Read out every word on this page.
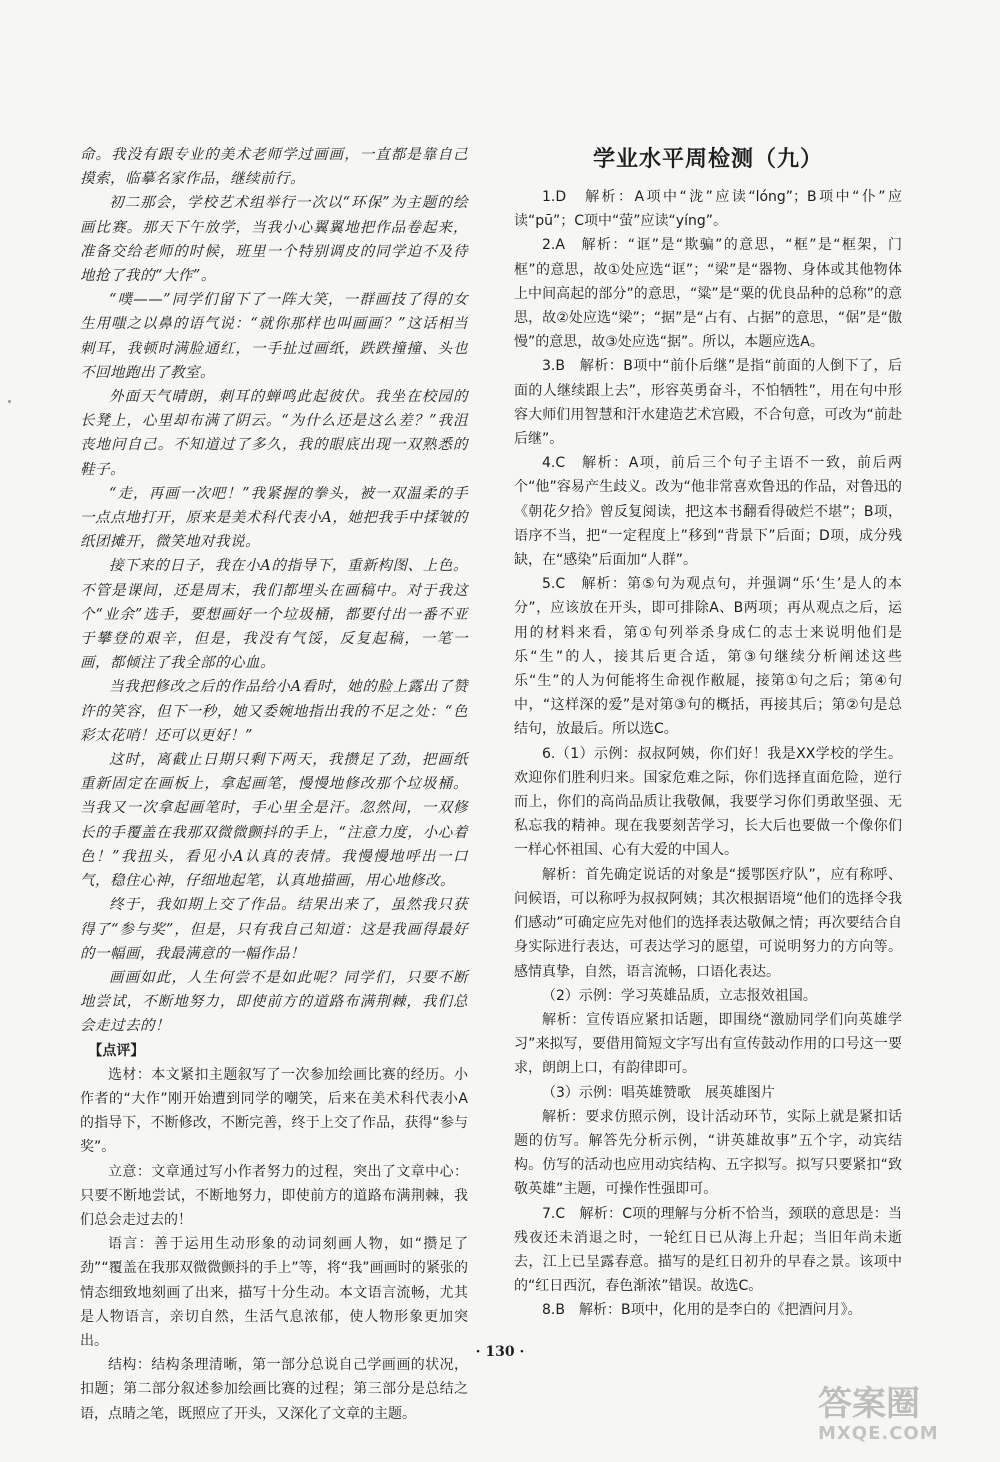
命。我没有跟专业的美术老师学过画画，一直都是靠自己摸索，临摹名家作品，继续前行。

初二那会，学校艺术组举行一次以“环保”为主题的绘画比赛。那天下午放学，当我小心翼翼地把作品卷起来，准备交给老师的时候，班里一个特别调皮的同学迫不及待地抢了我的“大作”。

“噗——”同学们留下了一阵大笑，一群画技了得的女生用嗤之以鼻的语气说：“就你那样也叫画画？”这话相当刺耳，我顿时满脸通红，一手扯过画纸，跌跌撞撞、头也不回地跑出了教室。

外面天气晴朗，刺耳的蝉鸣此起彼伏。我坐在校园的长凳上，心里却布满了阴云。“为什么还是这么差？”我沮丧地问自己。不知道过了多久，我的眼底出现一双熟悉的鞋子。

“走，再画一次吧！”我紧握的拳头，被一双温柔的手一点点地打开，原来是美术科代表小A，她把我手中揉皱的纸团摊开，微笑地对我说。

接下来的日子，我在小A的指导下，重新构图、上色。不管是课间，还是周末，我们都埋头在画稿中。对于我这个“业余”选手，要想画好一个垃圾桶，都要付出一番不亚于攀登的艰辛，但是，我没有气馁，反复起稿，一笔一画，都倾注了我全部的心血。

当我把修改之后的作品给小A看时，她的脸上露出了赞许的笑容，但下一秒，她又委婉地指出我的不足之处：“色彩太花哨！还可以更好！”

这时，离截止日期只剩下两天，我攒足了劲，把画纸重新固定在画板上，拿起画笔，慢慢地修改那个垃圾桶。当我又一次拿起画笔时，手心里全是汗。忽然间，一双修长的手覆盖在我那双微微颤抖的手上，“注意力度，小心着色！”我扭头，看见小A认真的表情。我慢慢地呼出一口气，稳住心神，仔细地起笔，认真地描画，用心地修改。

终于，我如期上交了作品。结果出来了，虽然我只获得了“参与奖”，但是，只有我自己知道：这是我画得最好的一幅画，我最满意的一幅作品！

画画如此，人生何尝不是如此呢？同学们，只要不断地尝试，不断地努力，即使前方的道路布满荆棘，我们总会走过去的！

【点评】

选材：本文紧扣主题叙写了一次参加绘画比赛的经历。小作者的“大作”刚开始遭到同学的嘲笑，后来在美术科代表小A的指导下，不断修改，不断完善，终于上交了作品，获得“参与奖”。

立意：文章通过写小作者努力的过程，突出了文章中心：只要不断地尝试，不断地努力，即使前方的道路布满荆棘，我们总会走过去的！

语言：善于运用生动形象的动词刻画人物，如“攒足了劲”“覆盖在我那双微微颤抖的手上”等，将“我”画画时的紧张的情态细致地刻画了出来，描写十分生动。本文语言流畅，尤其是人物语言，亲切自然，生活气息浓郁，使人物形象更加突出。

结构：结构条理清晰，第一部分总说自己学画画的状况，扣题；第二部分叙述参加绘画比赛的过程；第三部分是总结之语，点睛之笔，既照应了开头，又深化了文章的主题。

学业水平周检测（九）

1.D　解析：A项中“泷”应读“lóng”；B项中“仆”应读“pū”；C项中“萤”应读“yíng”。

2.A　解析：“诓”是“欺骗”的意思，“框”是“框架，门框”的意思，故①处应选“诓”；“梁”是“器物、身体或其他物体上中间高起的部分”的意思，“粱”是“粟的优良品种的总称”的意思，故②处应选“梁”；“据”是“占有、占据”的意思，“倨”是“傲慢”的意思，故③处应选“据”。所以，本题应选A。

3.B　解析：B项中“前仆后继”是指“前面的人倒下了，后面的人继续跟上去”，形容英勇奋斗，不怕牺牲”，用在句中形容大师们用智慧和汗水建造艺术宫殿，不合句意，可改为“前赴后继”。

4.C　解析：A项，前后三个句子主语不一致，前后两个“他”容易产生歧义。改为“他非常喜欢鲁迅的作品，对鲁迅的《朝花夕拾》曾反复阅读，把这本书翻看得破烂不堪”；B项，语序不当，把“一定程度上”移到“背景下”后面；D项，成分残缺，在“感染”后面加“人群”。

5.C　解析：第⑤句为观点句，并强调“乐‘生’是人的本分”，应该放在开头，即可排除A、B两项；再从观点之后，运用的材料来看，第①句列举杀身成仁的志士来说明他们是乐“生”的人，接其后更合适，第③句继续分析阐述这些乐“生”的人为何能将生命视作敝屣，接第①句之后；第④句中，“这样深的爱”是对第③句的概括，再接其后；第②句是总结句，放最后。所以选C。

6.（1）示例：叔叔阿姨，你们好！我是XX学校的学生。欢迎你们胜利归来。国家危难之际，你们选择直面危险，逆行而上，你们的高尚品质让我敬佩，我要学习你们勇敢坚强、无私忘我的精神。现在我要刻苦学习，长大后也要做一个像你们一样心怀祖国、心有大爱的中国人。

解析：首先确定说话的对象是“援鄂医疗队”，应有称呼、问候语，可以称呼为叔叔阿姨；其次根据语境“他们的选择令我们感动”可确定应先对他们的选择表达敬佩之情；再次要结合自身实际进行表达，可表达学习的愿望，可说明努力的方向等。感情真挚，自然，语言流畅，口语化表达。

（2）示例：学习英雄品质，立志报效祖国。

解析：宣传语应紧扣话题，即围绕“激励同学们向英雄学习”来拟写，要借用简短文字写出有宣传鼓动作用的口号这一要求，朗朗上口，有韵律即可。

（3）示例：唱英雄赞歌　展英雄图片

解析：要求仿照示例，设计活动环节，实际上就是紧扣话题的仿写。解答先分析示例，“讲英雄故事”五个字，动宾结构。仿写的活动也应用动宾结构、五字拟写。拟写只要紧扣“致敬英雄”主题，可操作性强即可。

7.C　解析：C项的理解与分析不恰当，颈联的意思是：当残夜还未消退之时，一轮红日已从海上升起；当旧年尚未逝去，江上已呈露春意。描写的是红日初升的早春之景。该项中的“红日西沉，春色渐浓”错误。故选C。

8.B　解析：B项中，化用的是李白的《把酒问月》。

· 130 ·
答案圈
MXQE.COM
